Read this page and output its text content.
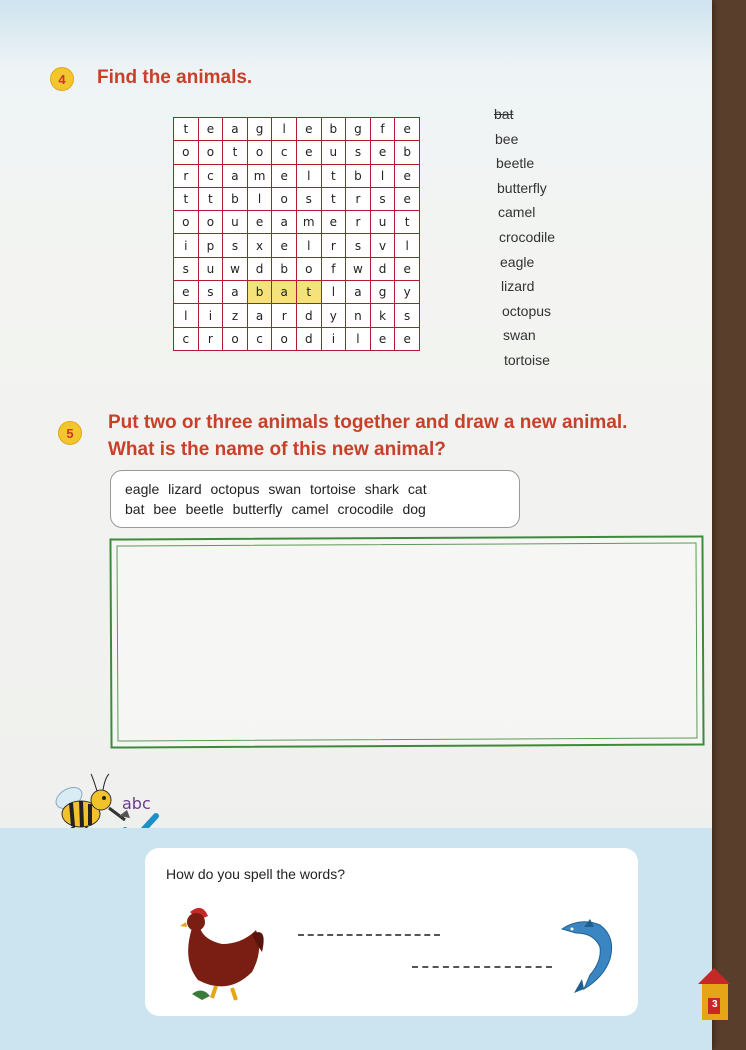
4	Find the animals.
t	e	a	g	l	e	b	g	f	e
o	o	t	o	c	e	u	s	e	b
r	c	a	m	e	l	t	b	l	e
t	t	b	l	o	s	t	r	s	e
o	o	u	e	a	m	e	r	u	t
i	p	s	x	e	l	r	s	v	l
s	u	w	d	b	o	f	w	d	e
e	s	a	b	a	t	l	a	g	y
l	i	z	a	r	d	y	n	k	s
c	r	o	c	o	d	i	l	e	e
bat
bee
beetle
butterfly
camel
crocodile
eagle
lizard
octopus
swan
tortoise
5	Put two or three animals together and draw a new animal.
What is the name of this new animal?
eagle lizard octopus swan tortoise shark cat
bat bee beetle butterfly camel crocodile dog
abc
How do you spell the words?
3
